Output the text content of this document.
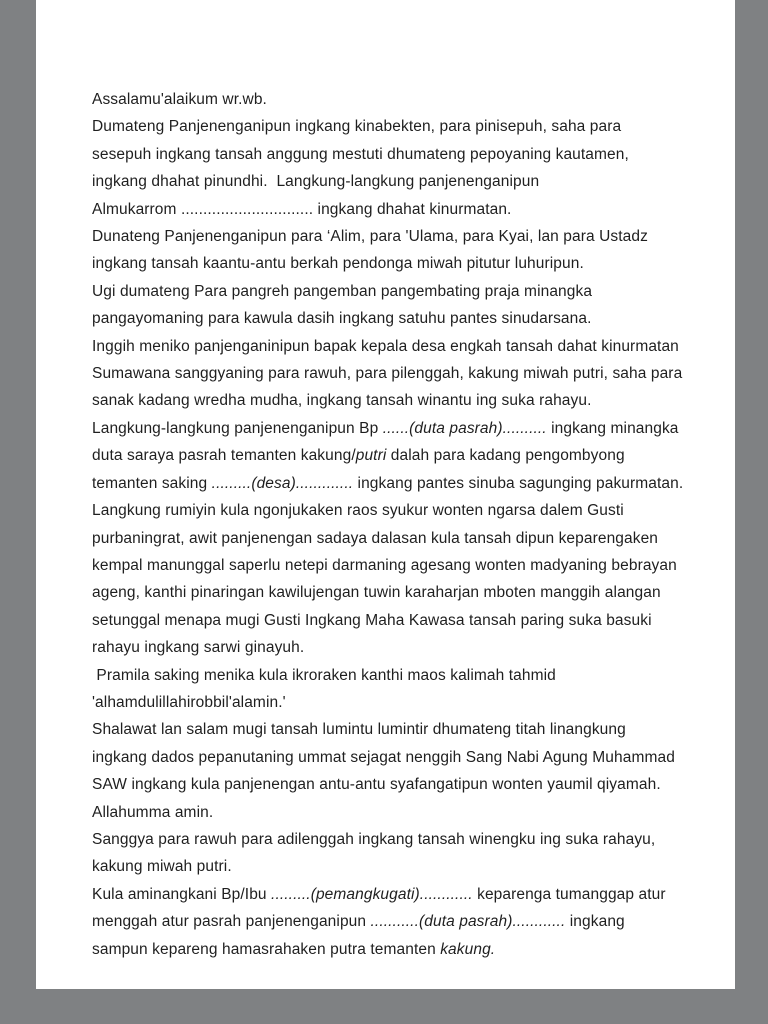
Assalamu'alaikum wr.wb.
Dumateng Panjenenganipun ingkang kinabekten, para pinisepuh, saha para
sesepuh ingkang tansah anggung mestuti dhumateng pepoyaning kautamen,
ingkang dhahat pinundhi.  Langkung-langkung panjenenganipun
Almukarrom .............................. ingkang dhahat kinurmatan.
Dunateng Panjenenganipun para ‘Alim, para 'Ulama, para Kyai, lan para Ustadz
ingkang tansah kaantu-antu berkah pendonga miwah pitutur luhuripun.
Ugi dumateng Para pangreh pangemban pangembating praja minangka
pangayomaning para kawula dasih ingkang satuhu pantes sinudarsana.
Inggih meniko panjenganinipun bapak kepala desa engkah tansah dahat kinurmatan
Sumawana sanggyaning para rawuh, para pilenggah, kakung miwah putri, saha para
sanak kadang wredha mudha, ingkang tansah winantu ing suka rahayu.
Langkung-langkung panjenenganipun Bp ......(duta pasrah).......... ingkang minangka
duta saraya pasrah temanten kakung/putri dalah para kadang pengombyong
temanten saking .........(desa)............. ingkang pantes sinuba sagunging pakurmatan.
Langkung rumiyin kula ngonjukaken raos syukur wonten ngarsa dalem Gusti
purbaningrat, awit panjenengan sadaya dalasan kula tansah dipun keparengaken
kempal manunggal saperlu netepi darmaning agesang wonten madyaning bebrayan
ageng, kanthi pinaringan kawilujengan tuwin karaharjan mboten manggih alangan
setunggal menapa mugi Gusti Ingkang Maha Kawasa tansah paring suka basuki
rahayu ingkang sarwi ginayuh.
Pramila saking menika kula ikroraken kanthi maos kalimah tahmid
'alhamdulillahirobbil'alamin.'
Shalawat lan salam mugi tansah lumintu lumintir dhumateng titah linangkung
ingkang dados pepanutaning ummat sejagat nenggih Sang Nabi Agung Muhammad
SAW ingkang kula panjenengan antu-antu syafangatipun wonten yaumil qiyamah.
Allahumma amin.
Sanggya para rawuh para adilenggah ingkang tansah winengku ing suka rahayu,
kakung miwah putri.
Kula aminangkani Bp/Ibu .........(pemangkugati)............ keparenga tumanggap atur
menggah atur pasrah panjenenganipun ...........(duta pasrah)............ ingkang
sampun kepareng hamasrahaken putra temanten kakung.
